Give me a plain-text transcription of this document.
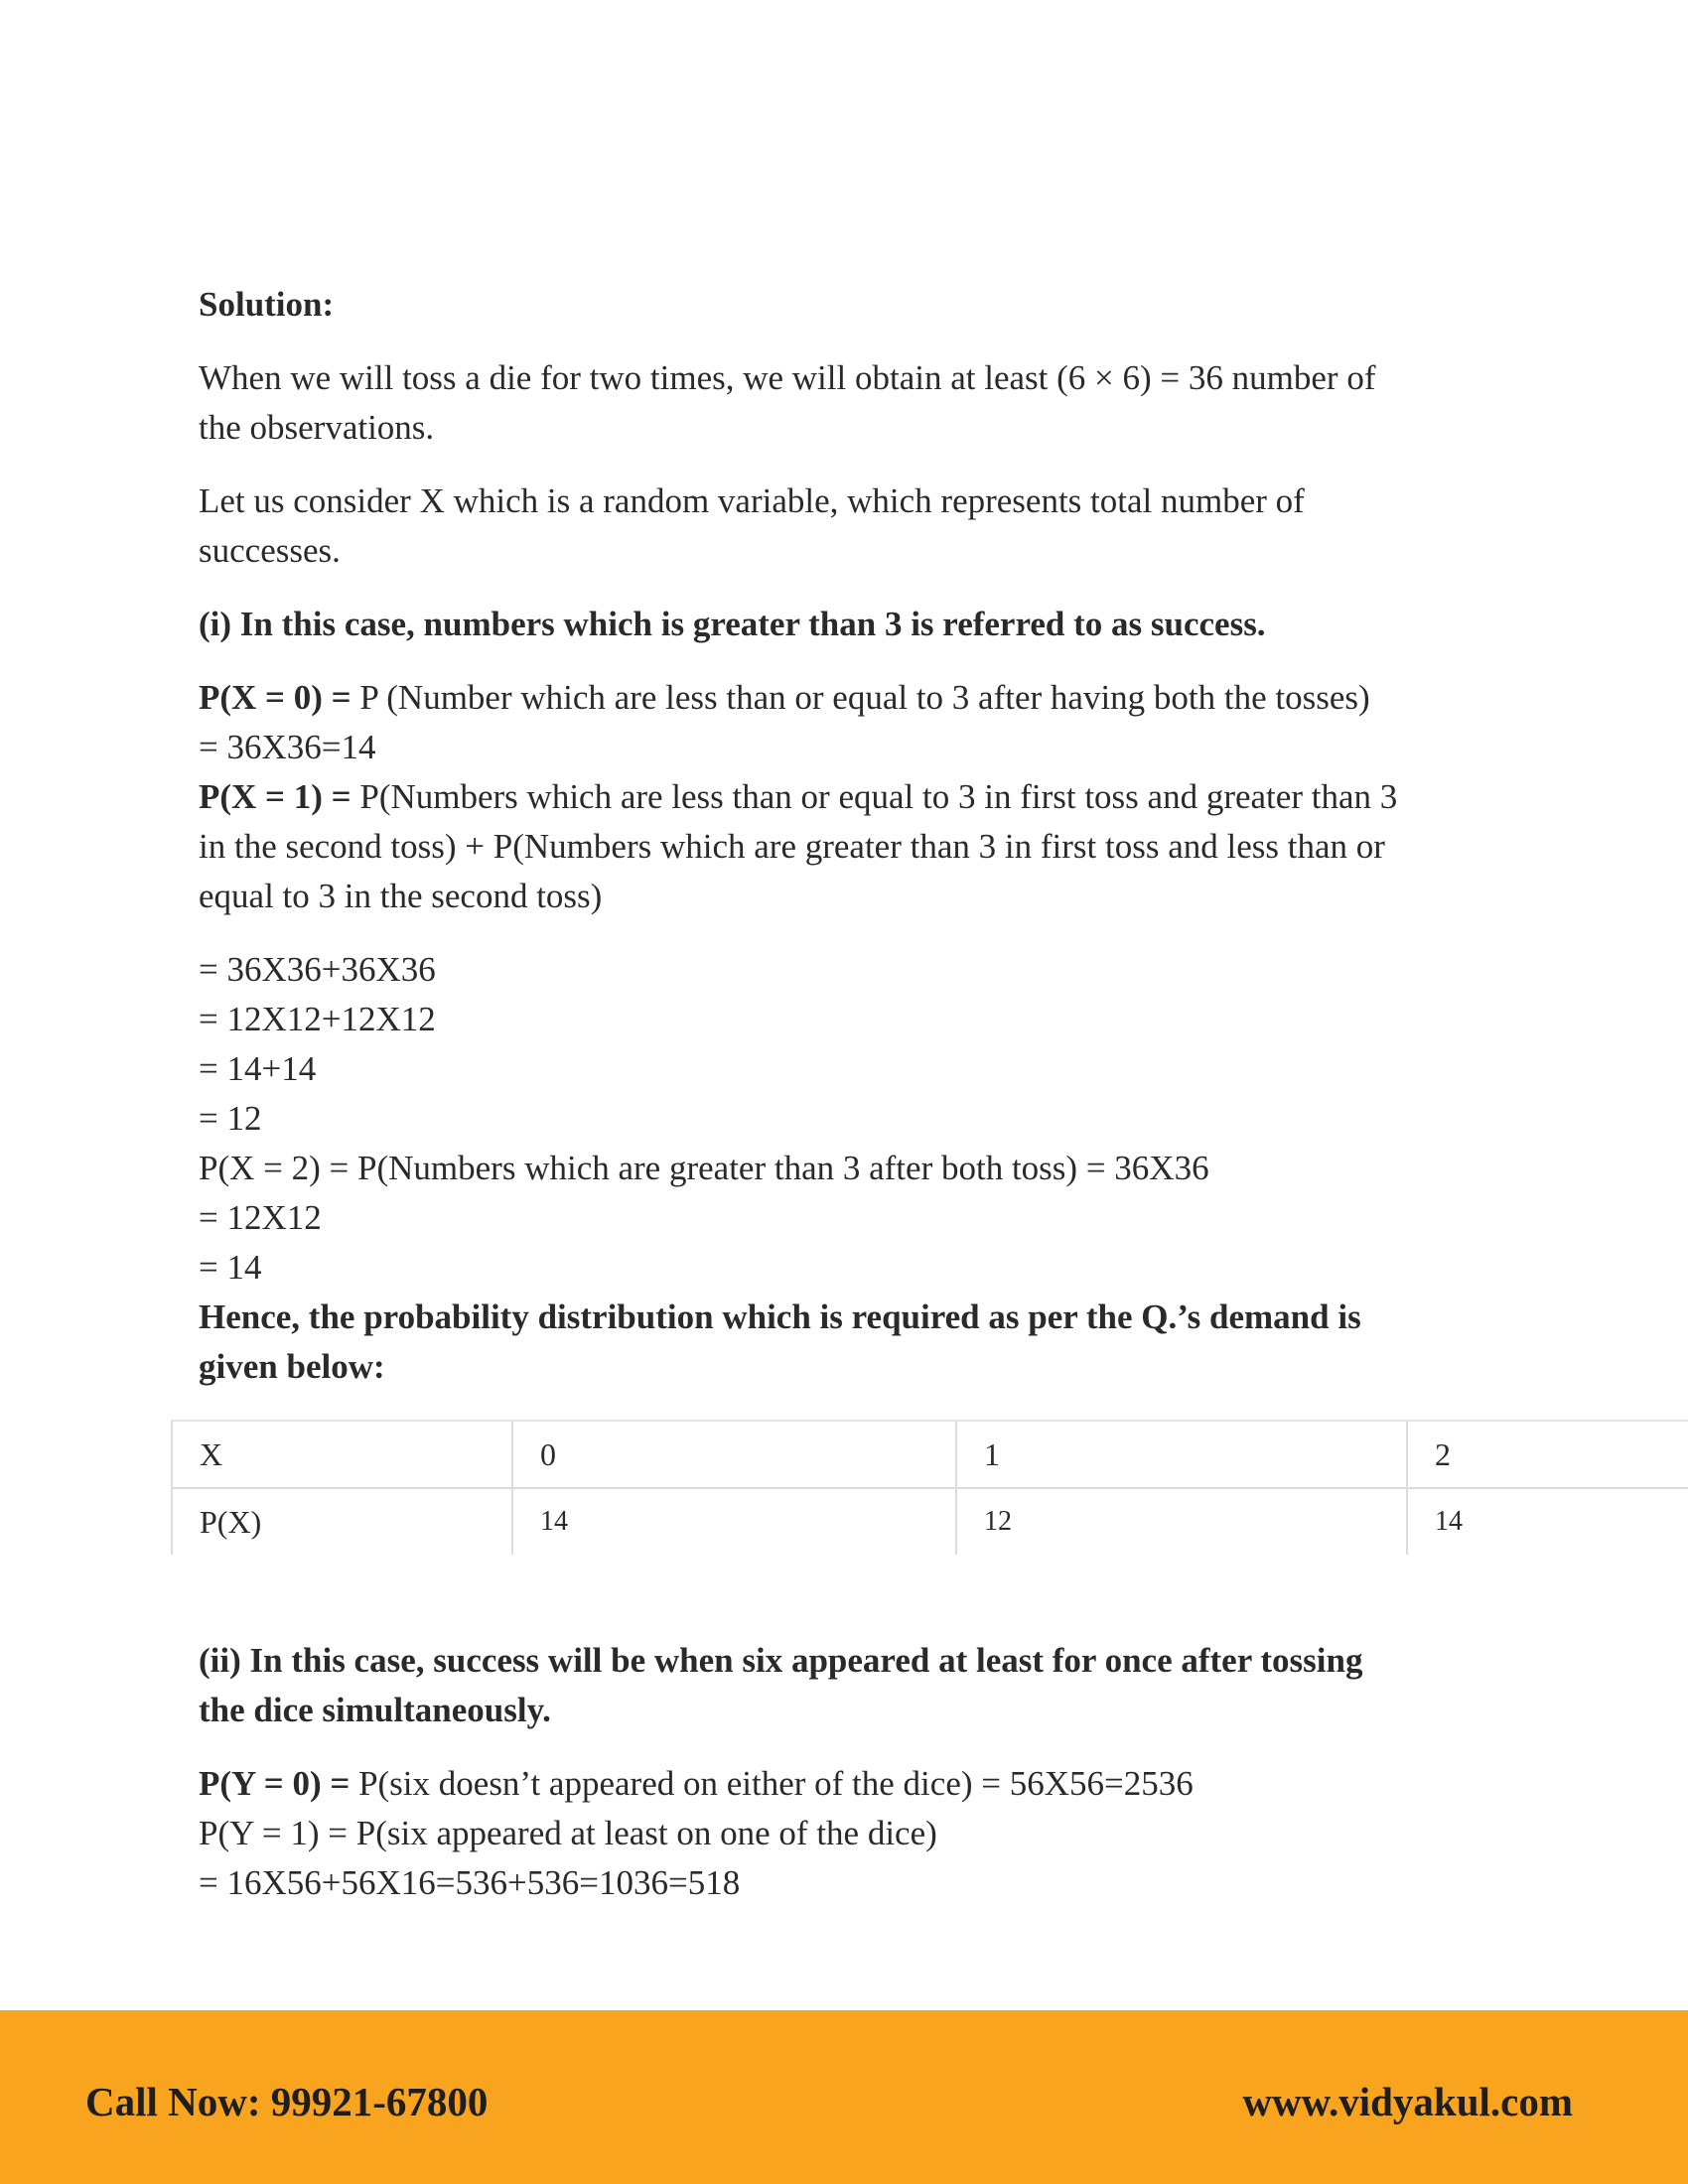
Solution:

When we will toss a die for two times, we will obtain at least (6 × 6) = 36 number of

the observations.

Let us consider X which is a random variable, which represents total number of

successes.

(i) In this case, numbers which is greater than 3 is referred to as success.

P(X = 0) = P (Number which are less than or equal to 3 after having both the tosses)

= 36X36=14

P(X = 1) = P(Numbers which are less than or equal to 3 in first toss and greater than 3

in the second toss) + P(Numbers which are greater than 3 in first toss and less than or

equal to 3 in the second toss)

= 36X36+36X36

= 12X12+12X12

= 14+14

= 12

P(X = 2) = P(Numbers which are greater than 3 after both toss) = 36X36

= 12X12

= 14

Hence, the probability distribution which is required as per the Q.’s demand is

given below:

X	0	1	2
P(X)	14	12	14

(ii) In this case, success will be when six appeared at least for once after tossing

the dice simultaneously.

P(Y = 0) = P(six doesn’t appeared on either of the dice) = 56X56=2536

P(Y = 1) = P(six appeared at least on one of the dice)

= 16X56+56X16=536+536=1036=518

Call Now: 99921-67800	www.vidyakul.com
